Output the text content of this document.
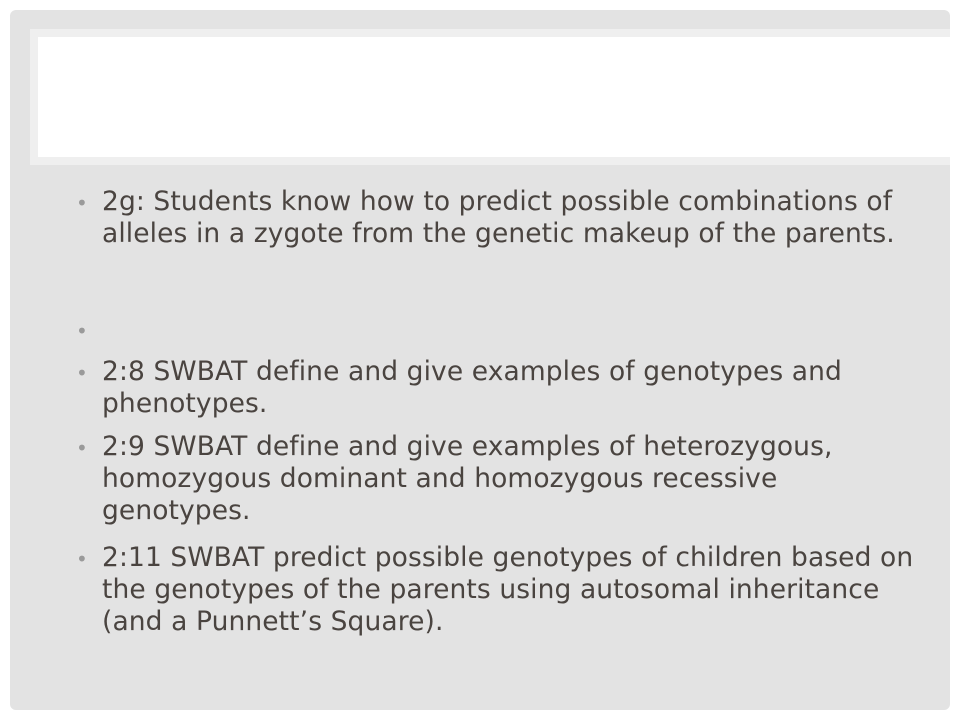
• 2g: Students know how to predict possible combinations of alleles in a zygote from the genetic makeup of the parents.
•
• 2:8 SWBAT define and give examples of genotypes and phenotypes.
• 2:9 SWBAT define and give examples of heterozygous, homozygous dominant and homozygous recessive genotypes.
• 2:11 SWBAT predict possible genotypes of children based on the genotypes of the parents using autosomal inheritance (and a Punnett’s Square).
